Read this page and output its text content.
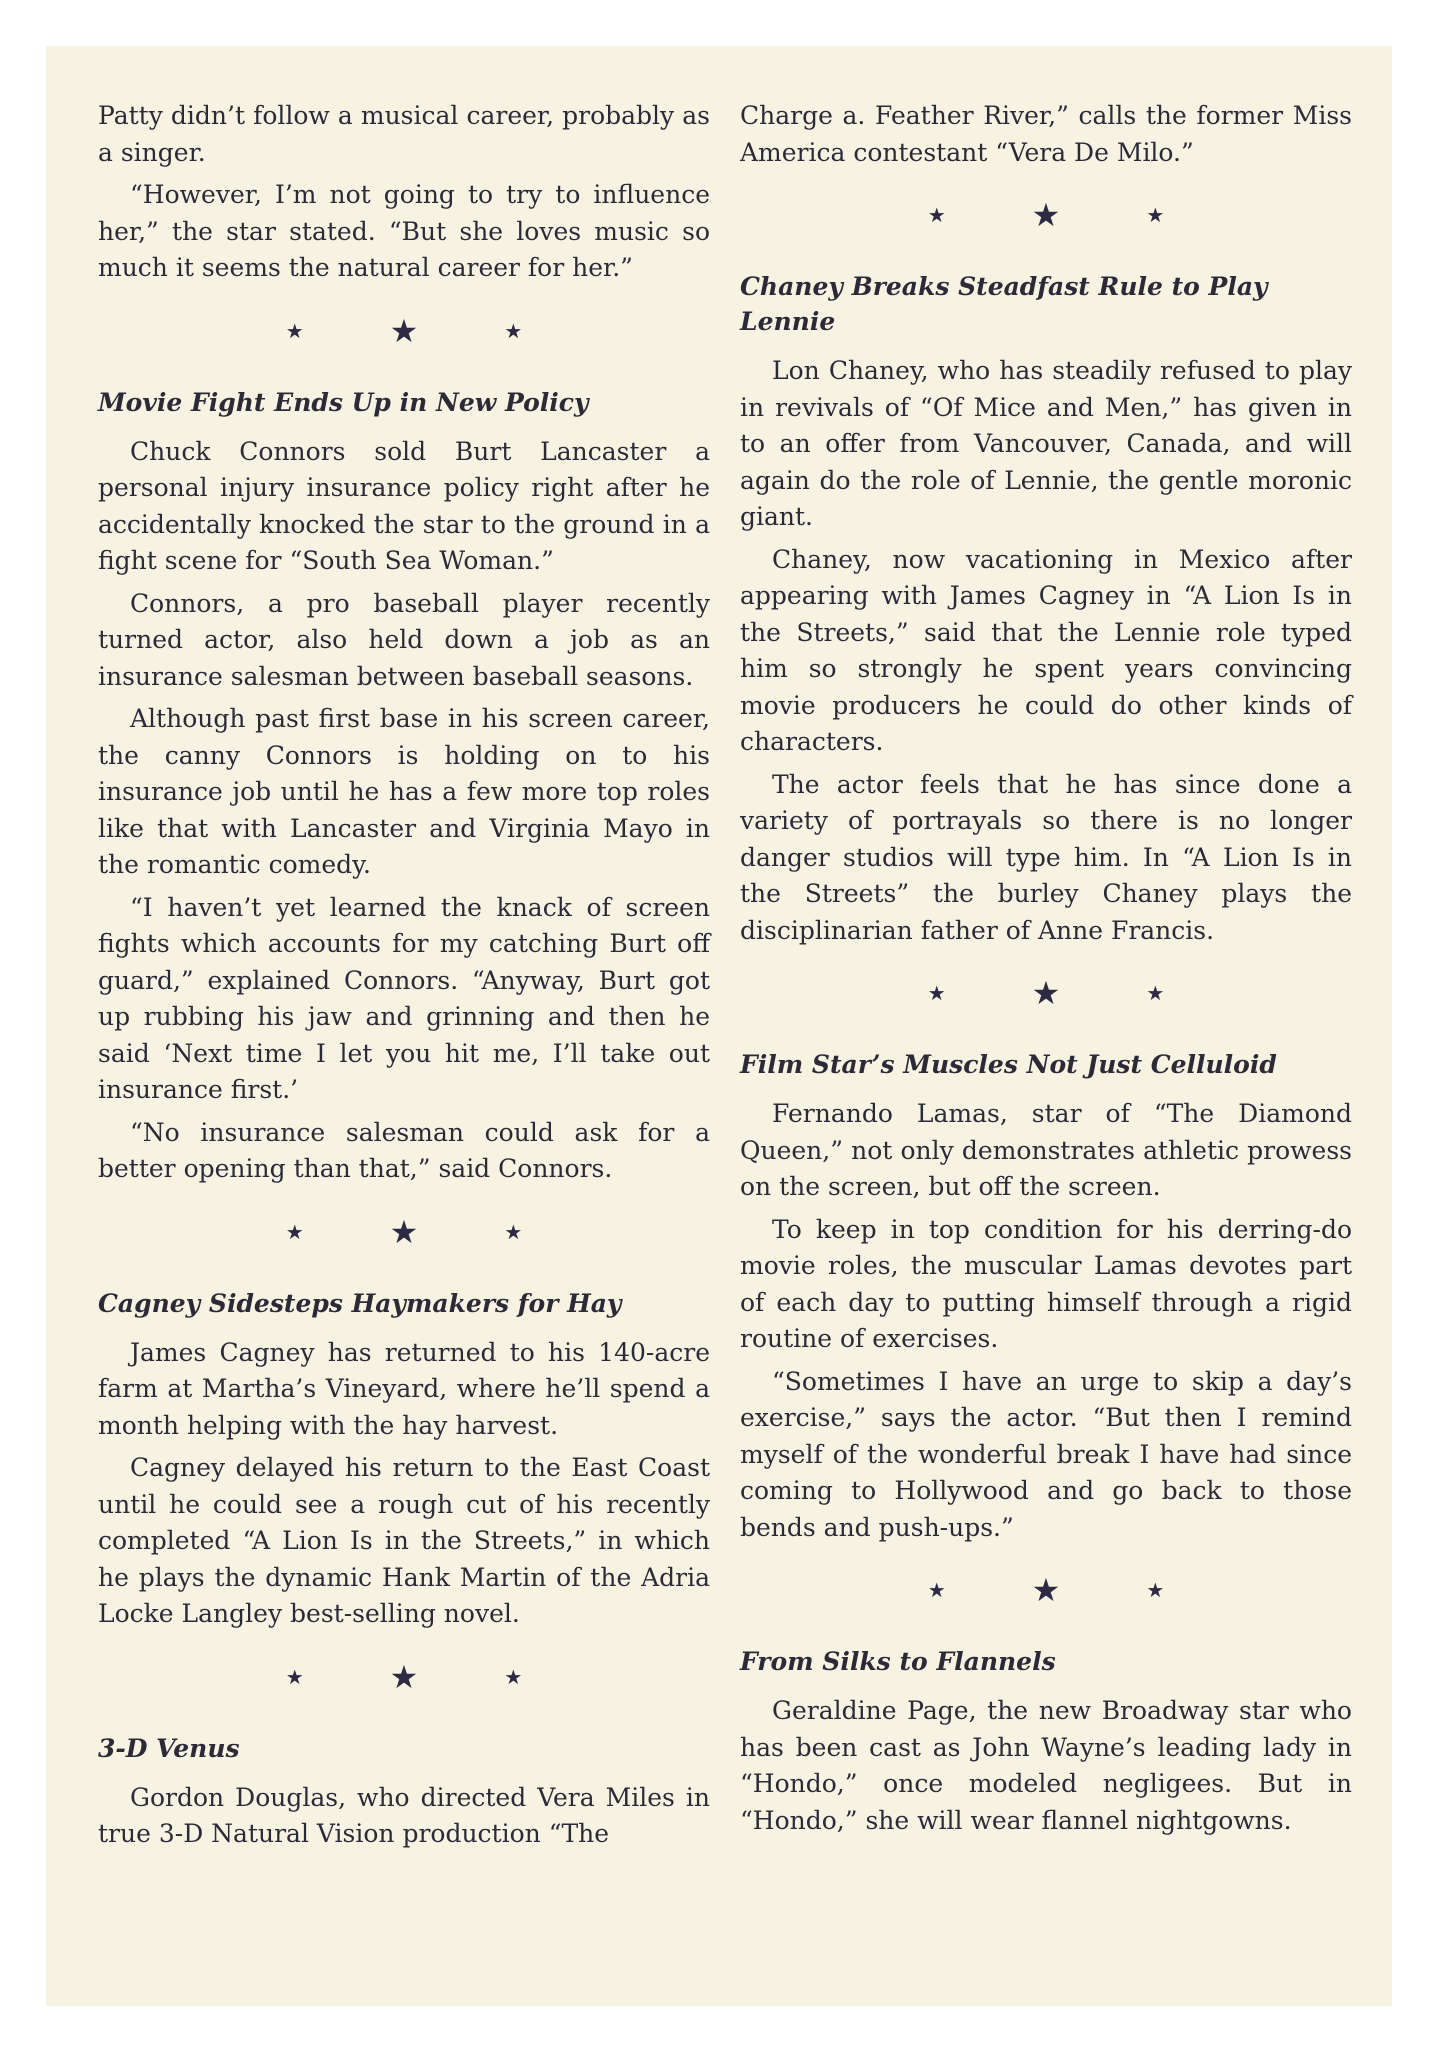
Patty didn’t follow a musical career, probably as a singer.

“However, I’m not going to try to influence her,” the star stated. “But she loves music so much it seems the natural career for her.”

★	★	★
Movie Fight Ends Up in New Policy

Chuck Connors sold Burt Lancaster a personal injury insurance policy right after he accidentally knocked the star to the ground in a fight scene for “South Sea Woman.”

Connors, a pro baseball player recently turned actor, also held down a job as an insurance salesman between baseball seasons.

Although past first base in his screen career, the canny Connors is holding on to his insurance job until he has a few more top roles like that with Lancaster and Virginia Mayo in the romantic comedy.

“I haven’t yet learned the knack of screen fights which accounts for my catching Burt off guard,” explained Connors. “Anyway, Burt got up rubbing his jaw and grinning and then he said ‘Next time I let you hit me, I’ll take out insurance first.’

“No insurance salesman could ask for a better opening than that,” said Connors.

★	★	★
Cagney Sidesteps Haymakers for Hay

James Cagney has returned to his 140-acre farm at Martha’s Vineyard, where he’ll spend a month helping with the hay harvest.

Cagney delayed his return to the East Coast until he could see a rough cut of his recently completed “A Lion Is in the Streets,” in which he plays the dynamic Hank Martin of the Adria Locke Langley best-selling novel.

★	★	★
3-D Venus

Gordon Douglas, who directed Vera Miles in true 3-D Natural Vision production “The

Charge a. Feather River,” calls the former Miss America contestant “Vera De Milo.”

★	★	★
Chaney Breaks Steadfast Rule to Play Lennie

Lon Chaney, who has steadily refused to play in revivals of “Of Mice and Men,” has given in to an offer from Vancouver, Canada, and will again do the role of Lennie, the gentle moronic giant.

Chaney, now vacationing in Mexico after appearing with James Cagney in “A Lion Is in the Streets,” said that the Lennie role typed him so strongly he spent years convincing movie producers he could do other kinds of characters.

The actor feels that he has since done a variety of portrayals so there is no longer danger studios will type him. In “A Lion Is in the Streets” the burley Chaney plays the disciplinarian father of Anne Francis.

★	★	★
Film Star’s Muscles Not Just Celluloid

Fernando Lamas, star of “The Diamond Queen,” not only demonstrates athletic prowess on the screen, but off the screen.

To keep in top condition for his derring-do movie roles, the muscular Lamas devotes part of each day to putting himself through a rigid routine of exercises.

“Sometimes I have an urge to skip a day’s exercise,” says the actor. “But then I remind myself of the wonderful break I have had since coming to Hollywood and go back to those bends and push-ups.”

★	★	★
From Silks to Flannels

Geraldine Page, the new Broadway star who has been cast as John Wayne’s leading lady in “Hondo,” once modeled negligees. But in “Hondo,” she will wear flannel nightgowns.
